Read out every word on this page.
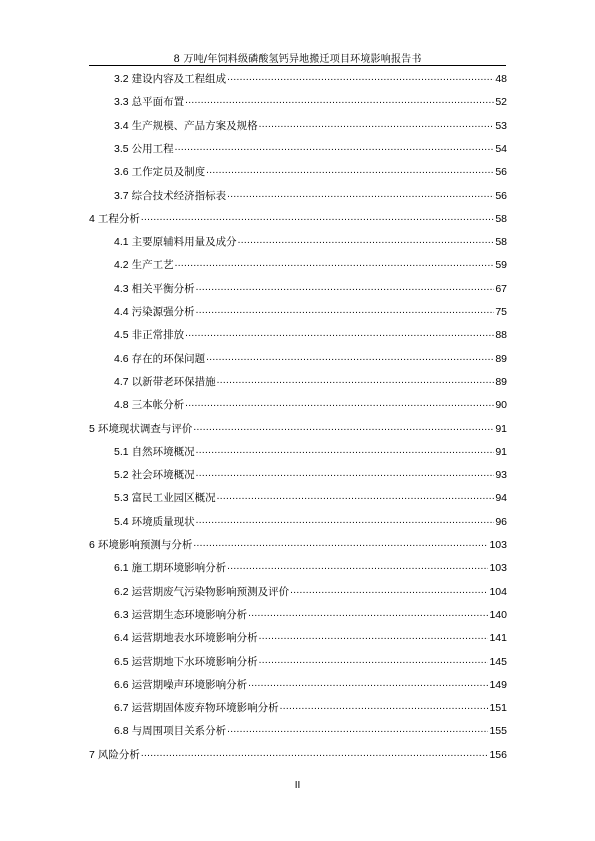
8 万吨/年饲料级磷酸氢钙异地搬迁项目环境影响报告书
3.2 建设内容及工程组成 .....	48
3.3 总平面布置 .....	52
3.4 生产规模、产品方案及规格 .....	53
3.5 公用工程 .....	54
3.6 工作定员及制度 .....	56
3.7 综合技术经济指标表 .....	56
4 工程分析 .....	58
4.1 主要原辅料用量及成分 .....	58
4.2 生产工艺 .....	59
4.3 相关平衡分析 .....	67
4.4 污染源强分析 .....	75
4.5 非正常排放 .....	88
4.6 存在的环保问题 .....	89
4.7 以新带老环保措施 .....	89
4.8 三本帐分析 .....	90
5 环境现状调查与评价 .....	91
5.1 自然环境概况 .....	91
5.2 社会环境概况 .....	93
5.3 富民工业园区概况 .....	94
5.4 环境质量现状 .....	96
6 环境影响预测与分析 .....	103
6.1 施工期环境影响分析 .....	103
6.2 运营期废气污染物影响预测及评价 .....	104
6.3 运营期生态环境影响分析 .....	140
6.4 运营期地表水环境影响分析 .....	141
6.5 运营期地下水环境影响分析 .....	145
6.6 运营期噪声环境影响分析 .....	149
6.7 运营期固体废弃物环境影响分析 .....	151
6.8 与周围项目关系分析 .....	155
7 风险分析 .....	156
II
